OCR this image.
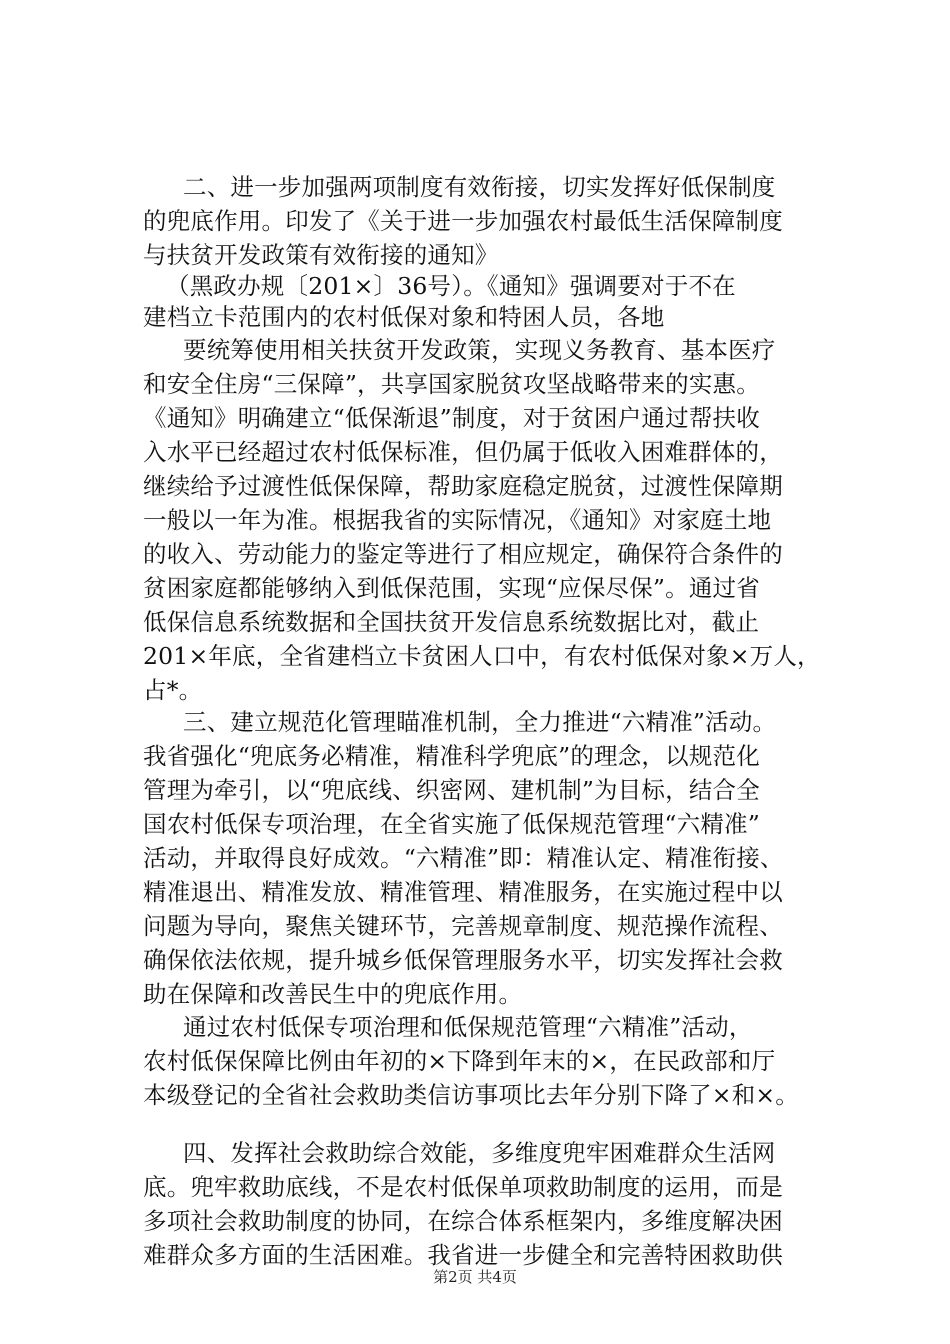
二、进一步加强两项制度有效衔接，切实发挥好低保制度
的兜底作用。印发了《关于进一步加强农村最低生活保障制度
与扶贫开发政策有效衔接的通知》
（黑政办规〔201×〕36号）。《通知》强调要对于不在
建档立卡范围内的农村低保对象和特困人员，各地
要统筹使用相关扶贫开发政策，实现义务教育、基本医疗
和安全住房“三保障”，共享国家脱贫攻坚战略带来的实惠。
《通知》明确建立“低保渐退”制度，对于贫困户通过帮扶收
入水平已经超过农村低保标准，但仍属于低收入困难群体的，
继续给予过渡性低保保障，帮助家庭稳定脱贫，过渡性保障期
一般以一年为准。根据我省的实际情况，《通知》对家庭土地
的收入、劳动能力的鉴定等进行了相应规定，确保符合条件的
贫困家庭都能够纳入到低保范围，实现“应保尽保”。通过省
低保信息系统数据和全国扶贫开发信息系统数据比对，截止
201×年底，全省建档立卡贫困人口中，有农村低保对象×万人，
占*。
三、建立规范化管理瞄准机制，全力推进“六精准”活动。
我省强化“兜底务必精准，精准科学兜底”的理念，以规范化
管理为牵引，以“兜底线、织密网、建机制”为目标，结合全
国农村低保专项治理，在全省实施了低保规范管理“六精准”
活动，并取得良好成效。“六精准”即：精准认定、精准衔接、
精准退出、精准发放、精准管理、精准服务，在实施过程中以
问题为导向，聚焦关键环节，完善规章制度、规范操作流程、
确保依法依规，提升城乡低保管理服务水平，切实发挥社会救
助在保障和改善民生中的兜底作用。
通过农村低保专项治理和低保规范管理“六精准”活动，
农村低保保障比例由年初的×下降到年末的×，在民政部和厅
本级登记的全省社会救助类信访事项比去年分别下降了×和×。
四、发挥社会救助综合效能，多维度兜牢困难群众生活网
底。兜牢救助底线，不是农村低保单项救助制度的运用，而是
多项社会救助制度的协同，在综合体系框架内，多维度解决困
难群众多方面的生活困难。我省进一步健全和完善特困救助供
第2页 共4页
